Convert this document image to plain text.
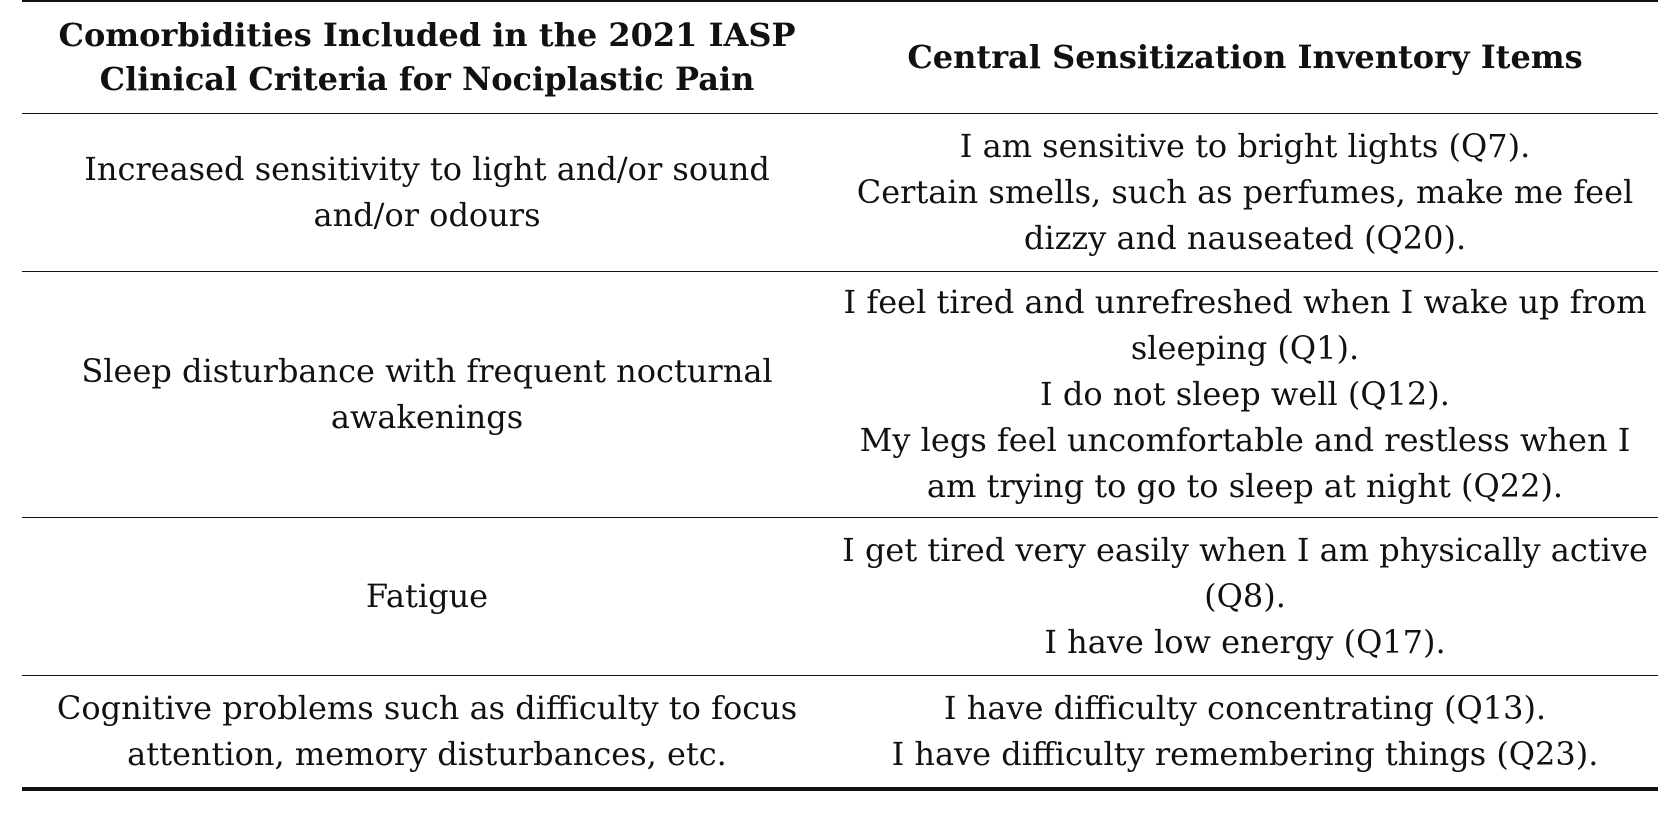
Comorbidities Included in the 2021 IASP Clinical Criteria for Nociplastic Pain	Central Sensitization Inventory Items
Increased sensitivity to light and/or sound and/or odours	I am sensitive to bright lights (Q7).
Certain smells, such as perfumes, make me feel dizzy and nauseated (Q20).

Sleep disturbance with frequent nocturnal awakenings	I feel tired and unrefreshed when I wake up from sleeping (Q1).
I do not sleep well (Q12).
My legs feel uncomfortable and restless when I am trying to go to sleep at night (Q22).

Fatigue	I get tired very easily when I am physically active (Q8).
I have low energy (Q17).

Cognitive problems such as difficulty to focus attention, memory disturbances, etc.	I have difficulty concentrating (Q13).
I have difficulty remembering things (Q23).
